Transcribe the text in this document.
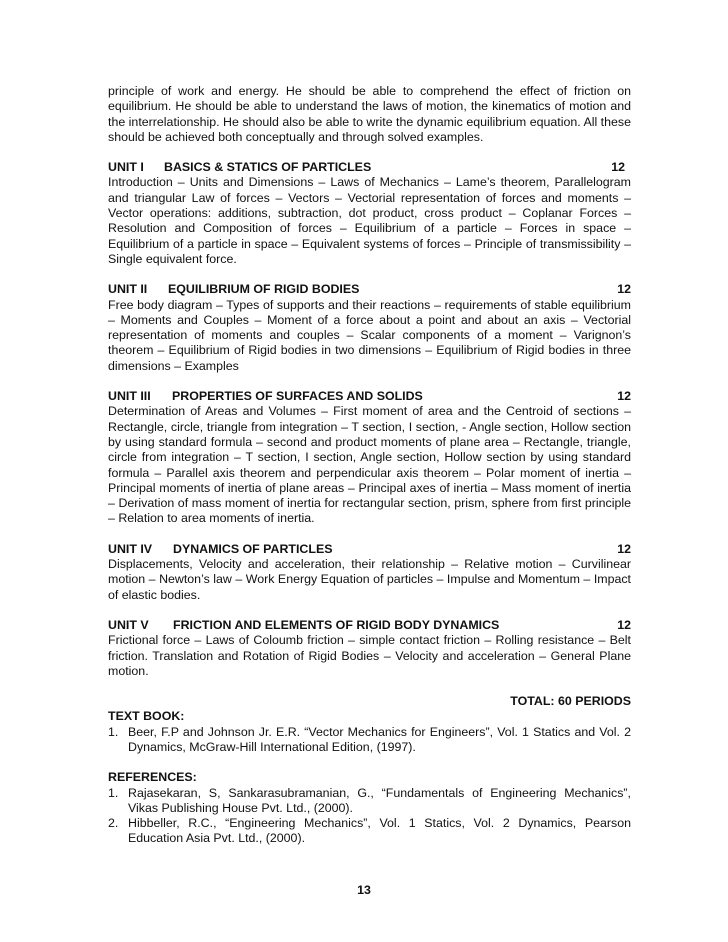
principle of work and energy. He should be able to comprehend the effect of friction on equilibrium. He should be able to understand the laws of motion, the kinematics of motion and the interrelationship. He should also be able to write the dynamic equilibrium equation. All these should be achieved both conceptually and through solved examples.

UNIT I	BASICS & STATICS OF PARTICLES	12

Introduction – Units and Dimensions – Laws of Mechanics – Lame’s theorem, Parallelogram and triangular Law of forces – Vectors – Vectorial representation of forces and moments – Vector operations: additions, subtraction, dot product, cross product – Coplanar Forces – Resolution and Composition of forces – Equilibrium of a particle – Forces in space – Equilibrium of a particle in space – Equivalent systems of forces – Principle of transmissibility – Single equivalent force.

UNIT II	EQUILIBRIUM OF RIGID BODIES	12

Free body diagram – Types of supports and their reactions – requirements of stable equilibrium – Moments and Couples – Moment of a force about a point and about an axis – Vectorial representation of moments and couples – Scalar components of a moment – Varignon’s theorem – Equilibrium of Rigid bodies in two dimensions – Equilibrium of Rigid bodies in three dimensions – Examples

UNIT III	PROPERTIES OF SURFACES AND SOLIDS	12

Determination of Areas and Volumes – First moment of area and the Centroid of sections – Rectangle, circle, triangle from integration – T section, I section, - Angle section, Hollow section by using standard formula – second and product moments of plane area – Rectangle, triangle, circle from integration – T section, I section, Angle section, Hollow section by using standard formula – Parallel axis theorem and perpendicular axis theorem – Polar moment of inertia – Principal moments of inertia of plane areas – Principal axes of inertia – Mass moment of inertia – Derivation of mass moment of inertia for rectangular section, prism, sphere from first principle – Relation to area moments of inertia.

UNIT IV	DYNAMICS OF PARTICLES	12

Displacements, Velocity and acceleration, their relationship – Relative motion – Curvilinear motion – Newton’s law – Work Energy Equation of particles – Impulse and Momentum – Impact of elastic bodies.

UNIT V	FRICTION AND ELEMENTS OF RIGID BODY DYNAMICS	12

Frictional force – Laws of Coloumb friction – simple contact friction – Rolling resistance – Belt friction. Translation and Rotation of Rigid Bodies – Velocity and acceleration – General Plane motion.

TOTAL: 60 PERIODS

TEXT BOOK:

1. Beer, F.P and Johnson Jr. E.R. “Vector Mechanics for Engineers”, Vol. 1 Statics and Vol. 2 Dynamics, McGraw-Hill International Edition, (1997).

REFERENCES:

1. Rajasekaran, S, Sankarasubramanian, G., “Fundamentals of Engineering Mechanics”, Vikas Publishing House Pvt. Ltd., (2000).
2. Hibbeller, R.C., “Engineering Mechanics”, Vol. 1 Statics, Vol. 2 Dynamics, Pearson Education Asia Pvt. Ltd., (2000).
13
